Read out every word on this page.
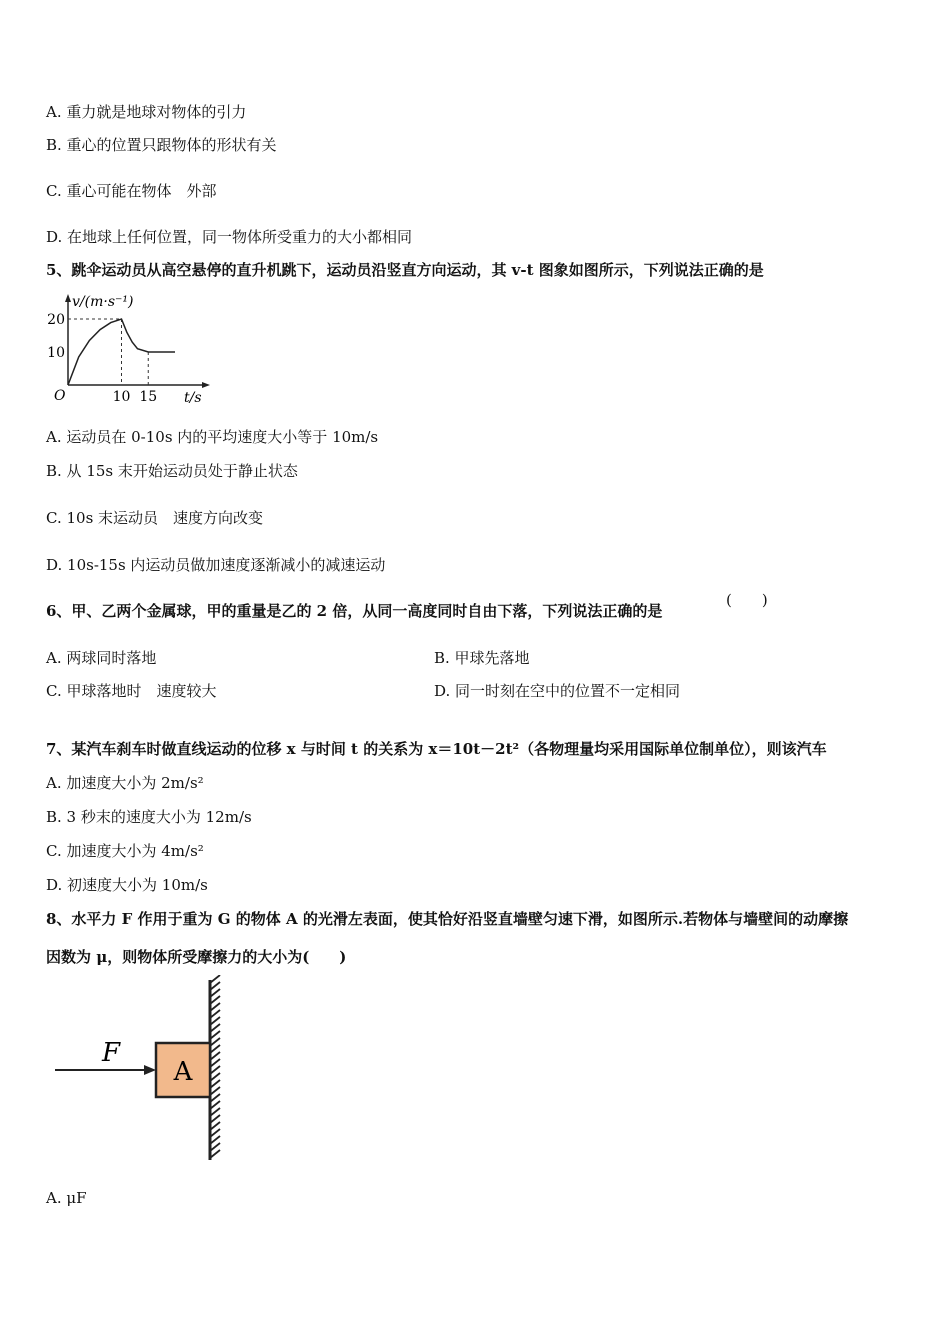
A. 重力就是地球对物体的引力
B. 重心的位置只跟物体的形状有关
C. 重心可能在物体　外部
D. 在地球上任何位置，同一物体所受重力的大小都相同
5、跳伞运动员从高空悬停的直升机跳下，运动员沿竖直方向运动，其 v-t 图象如图所示，下列说法正确的是
v/(m·s⁻¹)
O	t/s
20
10
10 15
A. 运动员在 0-10s 内的平均速度大小等于 10m/s
B. 从 15s 末开始运动员处于静止状态
C. 10s 末运动员　速度方向改变
D. 10s-15s 内运动员做加速度逐渐减小的减速运动
6、甲、乙两个金属球，甲的重量是乙的 2 倍，从同一高度同时自由下落，下列说法正确的是
(　　)
A. 两球同时落地	B. 甲球先落地
C. 甲球落地时　速度较大	D. 同一时刻在空中的位置不一定相同
7、某汽车刹车时做直线运动的位移 x 与时间 t 的关系为 x＝10t－2t²（各物理量均采用国际单位制单位），则该汽车
A. 加速度大小为 2m/s²
B. 3 秒末的速度大小为 12m/s
C. 加速度大小为 4m/s²
D. 初速度大小为 10m/s
8、水平力 F 作用于重为 G 的物体 A 的光滑左表面，使其恰好沿竖直墙壁匀速下滑，如图所示.若物体与墙壁间的动摩擦
因数为 μ，则物体所受摩擦力的大小为(　　)
A
F
A. μF
